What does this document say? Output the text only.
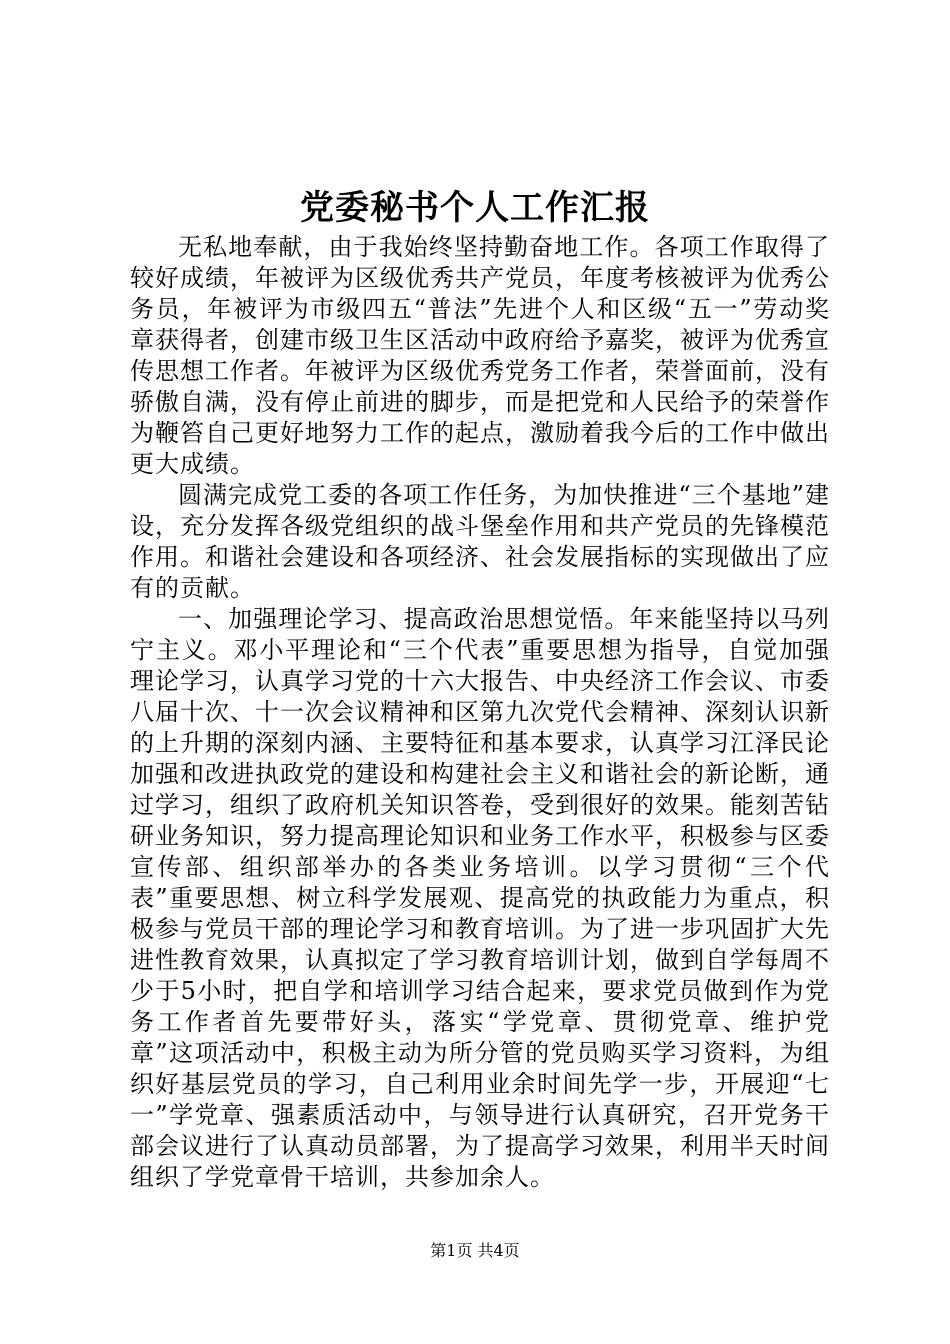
党委秘书个人工作汇报

无私地奉献，由于我始终坚持勤奋地工作。各项工作取得了较好成绩，年被评为区级优秀共产党员，年度考核被评为优秀公务员，年被评为市级四五“普法”先进个人和区级“五一”劳动奖章获得者，创建市级卫生区活动中政府给予嘉奖，被评为优秀宣传思想工作者。年被评为区级优秀党务工作者，荣誉面前，没有骄傲自满，没有停止前进的脚步，而是把党和人民给予的荣誉作为鞭笞自己更好地努力工作的起点，激励着我今后的工作中做出更大成绩。

圆满完成党工委的各项工作任务，为加快推进“三个基地”建设，充分发挥各级党组织的战斗堡垒作用和共产党员的先锋模范作用。和谐社会建设和各项经济、社会发展指标的实现做出了应有的贡献。

一、加强理论学习、提高政治思想觉悟。年来能坚持以马列宁主义。邓小平理论和“三个代表”重要思想为指导，自觉加强理论学习，认真学习党的十六大报告、中央经济工作会议、市委八届十次、十一次会议精神和区第九次党代会精神、深刻认识新的上升期的深刻内涵、主要特征和基本要求，认真学习江泽民论加强和改进执政党的建设和构建社会主义和谐社会的新论断，通过学习，组织了政府机关知识答卷，受到很好的效果。能刻苦钻研业务知识，努力提高理论知识和业务工作水平，积极参与区委宣传部、组织部举办的各类业务培训。以学习贯彻“三个代表”重要思想、树立科学发展观、提高党的执政能力为重点，积极参与党员干部的理论学习和教育培训。为了进一步巩固扩大先进性教育效果，认真拟定了学习教育培训计划，做到自学每周不少于5小时，把自学和培训学习结合起来，要求党员做到作为党务工作者首先要带好头，落实“学党章、贯彻党章、维护党章”这项活动中，积极主动为所分管的党员购买学习资料，为组织好基层党员的学习，自己利用业余时间先学一步，开展迎“七一”学党章、强素质活动中，与领导进行认真研究，召开党务干部会议进行了认真动员部署，为了提高学习效果，利用半天时间组织了学党章骨干培训，共参加余人。

第1页 共4页
